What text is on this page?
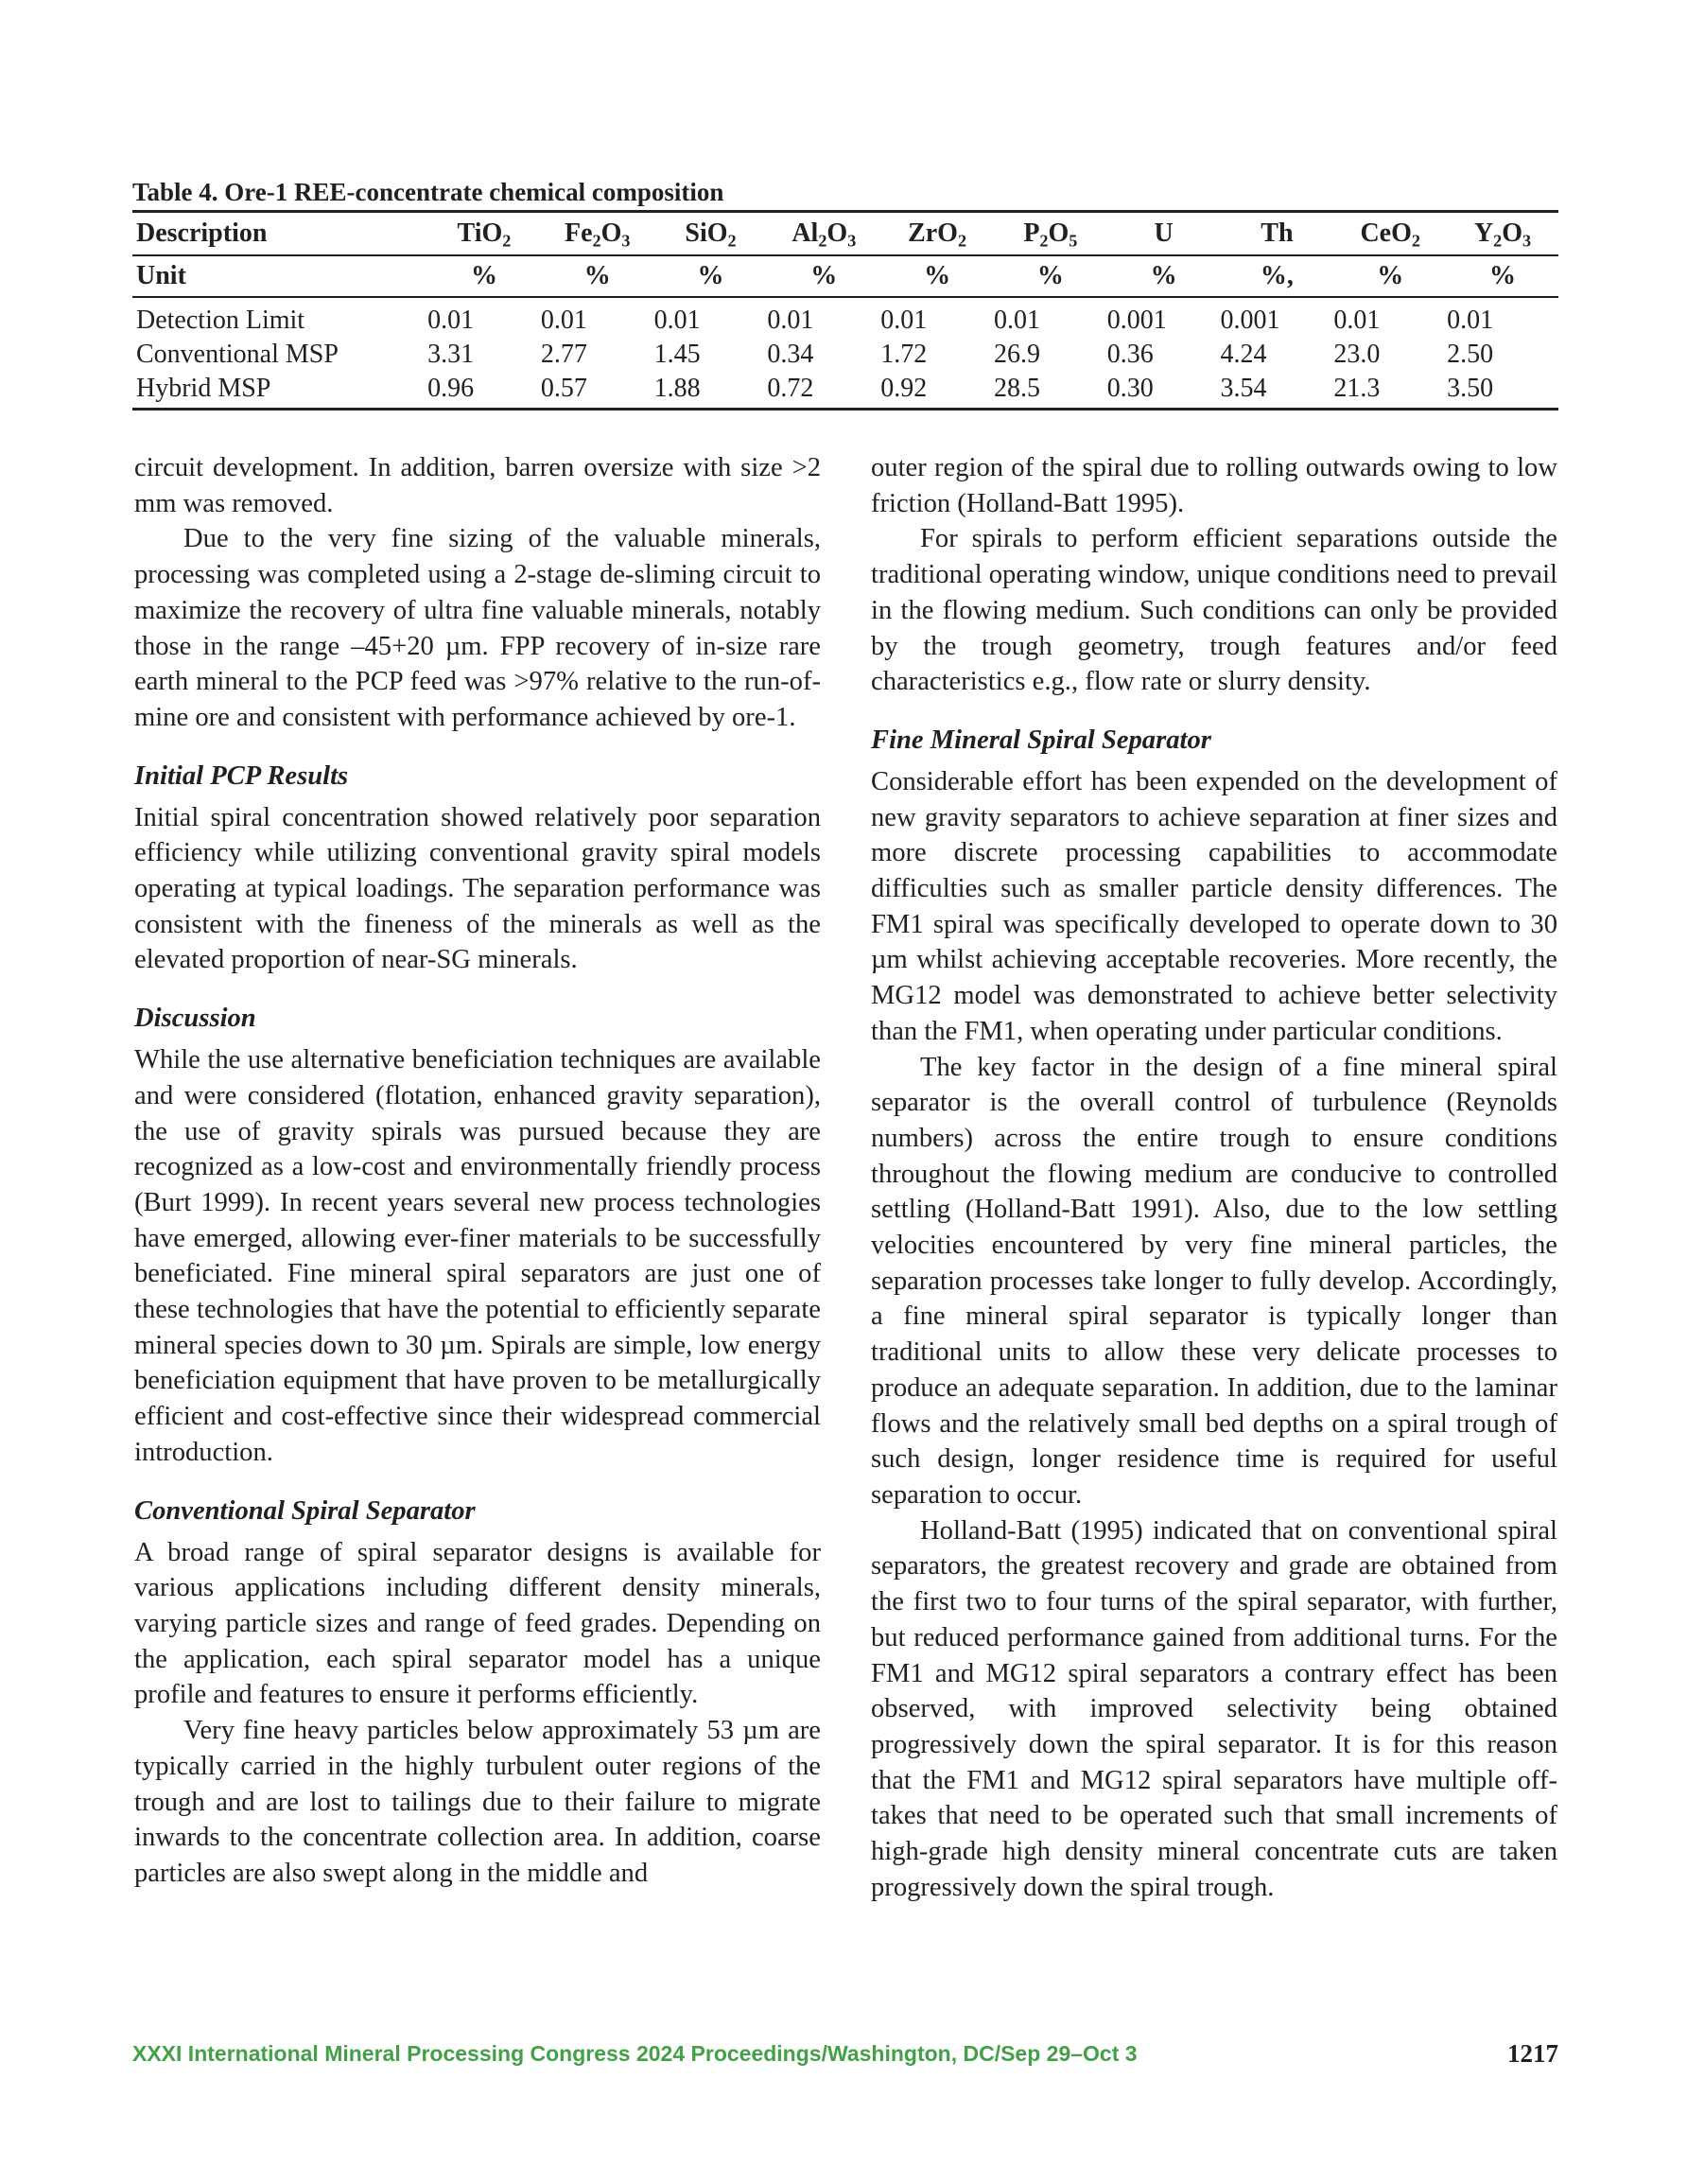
Table 4. Ore-1 REE-concentrate chemical composition
Description	TiO$_2$	$Fe_2O_3$	SiO$_2$	$Al_2O_3$	ZrO$_2$	$P_2O_5$	U	Th	CeO$_2$	$Y_2O_3$
Unit	%	%	%	%	%	%	%	%,	%	%
Detection Limit	0.01	0.01	0.01	0.01	0.01	0.01	0.001	0.001	0.01	0.01
Conventional MSP	3.31	2.77	1.45	0.34	1.72	26.9	0.36	4.24	23.0	2.50
Hybrid MSP	0.96	0.57	1.88	0.72	0.92	28.5	0.30	3.54	21.3	3.50

circuit development. In addition, barren oversize with size >2 mm was removed.

Due to the very fine sizing of the valuable minerals, processing was completed using a 2-stage de-sliming circuit to maximize the recovery of ultra fine valuable minerals, notably those in the range –45+20 µm. FPP recovery of in-size rare earth mineral to the PCP feed was >97% relative to the run-of-mine ore and consistent with performance achieved by ore-1.

Initial PCP Results

Initial spiral concentration showed relatively poor separation efficiency while utilizing conventional gravity spiral models operating at typical loadings. The separation performance was consistent with the fineness of the minerals as well as the elevated proportion of near-SG minerals.

Discussion

While the use alternative beneficiation techniques are available and were considered (flotation, enhanced gravity separation), the use of gravity spirals was pursued because they are recognized as a low-cost and environmentally friendly process (Burt 1999). In recent years several new process technologies have emerged, allowing ever-finer materials to be successfully beneficiated. Fine mineral spiral separators are just one of these technologies that have the potential to efficiently separate mineral species down to 30 µm. Spirals are simple, low energy beneficiation equipment that have proven to be metallurgically efficient and cost-effective since their widespread commercial introduction.

Conventional Spiral Separator

A broad range of spiral separator designs is available for various applications including different density minerals, varying particle sizes and range of feed grades. Depending on the application, each spiral separator model has a unique profile and features to ensure it performs efficiently.

Very fine heavy particles below approximately 53 µm are typically carried in the highly turbulent outer regions of the trough and are lost to tailings due to their failure to migrate inwards to the concentrate collection area. In addition, coarse particles are also swept along in the middle and

outer region of the spiral due to rolling outwards owing to low friction (Holland-Batt 1995).

For spirals to perform efficient separations outside the traditional operating window, unique conditions need to prevail in the flowing medium. Such conditions can only be provided by the trough geometry, trough features and/or feed characteristics e.g., flow rate or slurry density.

Fine Mineral Spiral Separator

Considerable effort has been expended on the development of new gravity separators to achieve separation at finer sizes and more discrete processing capabilities to accommodate difficulties such as smaller particle density differences. The FM1 spiral was specifically developed to operate down to 30 µm whilst achieving acceptable recoveries. More recently, the MG12 model was demonstrated to achieve better selectivity than the FM1, when operating under particular conditions.

The key factor in the design of a fine mineral spiral separator is the overall control of turbulence (Reynolds numbers) across the entire trough to ensure conditions throughout the flowing medium are conducive to controlled settling (Holland-Batt 1991). Also, due to the low settling velocities encountered by very fine mineral particles, the separation processes take longer to fully develop. Accordingly, a fine mineral spiral separator is typically longer than traditional units to allow these very delicate processes to produce an adequate separation. In addition, due to the laminar flows and the relatively small bed depths on a spiral trough of such design, longer residence time is required for useful separation to occur.

Holland-Batt (1995) indicated that on conventional spiral separators, the greatest recovery and grade are obtained from the first two to four turns of the spiral separator, with further, but reduced performance gained from additional turns. For the FM1 and MG12 spiral separators a contrary effect has been observed, with improved selectivity being obtained progressively down the spiral separator. It is for this reason that the FM1 and MG12 spiral separators have multiple off-takes that need to be operated such that small increments of high-grade high density mineral concentrate cuts are taken progressively down the spiral trough.

XXXI International Mineral Processing Congress 2024 Proceedings/Washington, DC/Sep 29–Oct 3	1217
